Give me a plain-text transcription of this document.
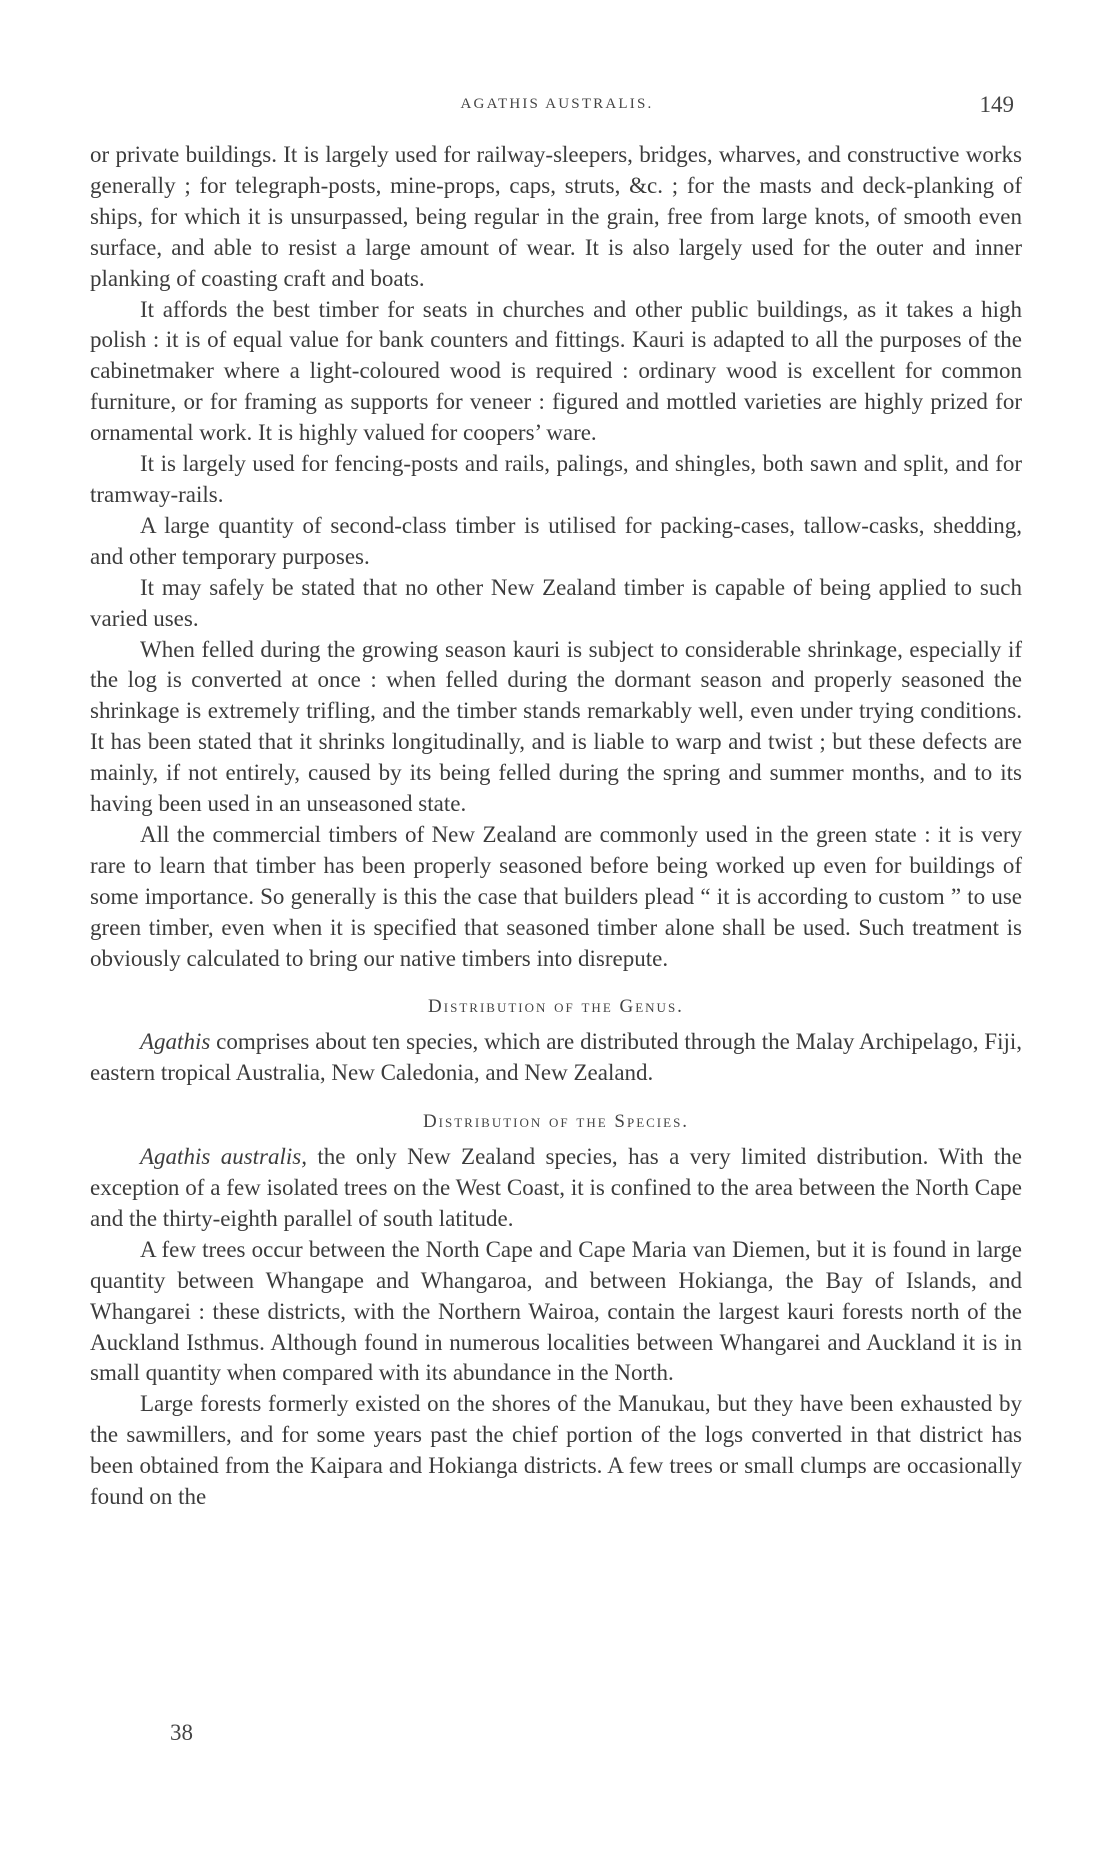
AGATHIS AUSTRALIS.	149

or private buildings. It is largely used for railway-sleepers, bridges, wharves, and constructive works generally ; for telegraph-posts, mine-props, caps, struts, &c. ; for the masts and deck-planking of ships, for which it is unsurpassed, being regular in the grain, free from large knots, of smooth even surface, and able to resist a large amount of wear. It is also largely used for the outer and inner planking of coasting craft and boats.

It affords the best timber for seats in churches and other public buildings, as it takes a high polish : it is of equal value for bank counters and fittings. Kauri is adapted to all the purposes of the cabinetmaker where a light-coloured wood is required : ordinary wood is excellent for common furniture, or for framing as supports for veneer : figured and mottled varieties are highly prized for ornamental work. It is highly valued for coopers’ ware.

It is largely used for fencing-posts and rails, palings, and shingles, both sawn and split, and for tramway-rails.

A large quantity of second-class timber is utilised for packing-cases, tallow-casks, shedding, and other temporary purposes.

It may safely be stated that no other New Zealand timber is capable of being applied to such varied uses.

When felled during the growing season kauri is subject to considerable shrinkage, especially if the log is converted at once : when felled during the dormant season and properly seasoned the shrinkage is extremely trifling, and the timber stands remarkably well, even under trying conditions. It has been stated that it shrinks longitudinally, and is liable to warp and twist ; but these defects are mainly, if not entirely, caused by its being felled during the spring and summer months, and to its having been used in an unseasoned state.

All the commercial timbers of New Zealand are commonly used in the green state : it is very rare to learn that timber has been properly seasoned before being worked up even for buildings of some importance. So generally is this the case that builders plead “ it is according to custom ” to use green timber, even when it is specified that seasoned timber alone shall be used. Such treatment is obviously calculated to bring our native timbers into disrepute.

Distribution of the Genus.

Agathis comprises about ten species, which are distributed through the Malay Archipelago, Fiji, eastern tropical Australia, New Caledonia, and New Zealand.

Distribution of the Species.

Agathis australis, the only New Zealand species, has a very limited distribution. With the exception of a few isolated trees on the West Coast, it is confined to the area between the North Cape and the thirty-eighth parallel of south latitude.

A few trees occur between the North Cape and Cape Maria van Diemen, but it is found in large quantity between Whangape and Whangaroa, and between Hokianga, the Bay of Islands, and Whangarei : these districts, with the Northern Wairoa, contain the largest kauri forests north of the Auckland Isthmus. Although found in numerous localities between Whangarei and Auckland it is in small quantity when compared with its abundance in the North.

Large forests formerly existed on the shores of the Manukau, but they have been exhausted by the sawmillers, and for some years past the chief portion of the logs converted in that district has been obtained from the Kaipara and Hokianga districts. A few trees or small clumps are occasionally found on the

38
